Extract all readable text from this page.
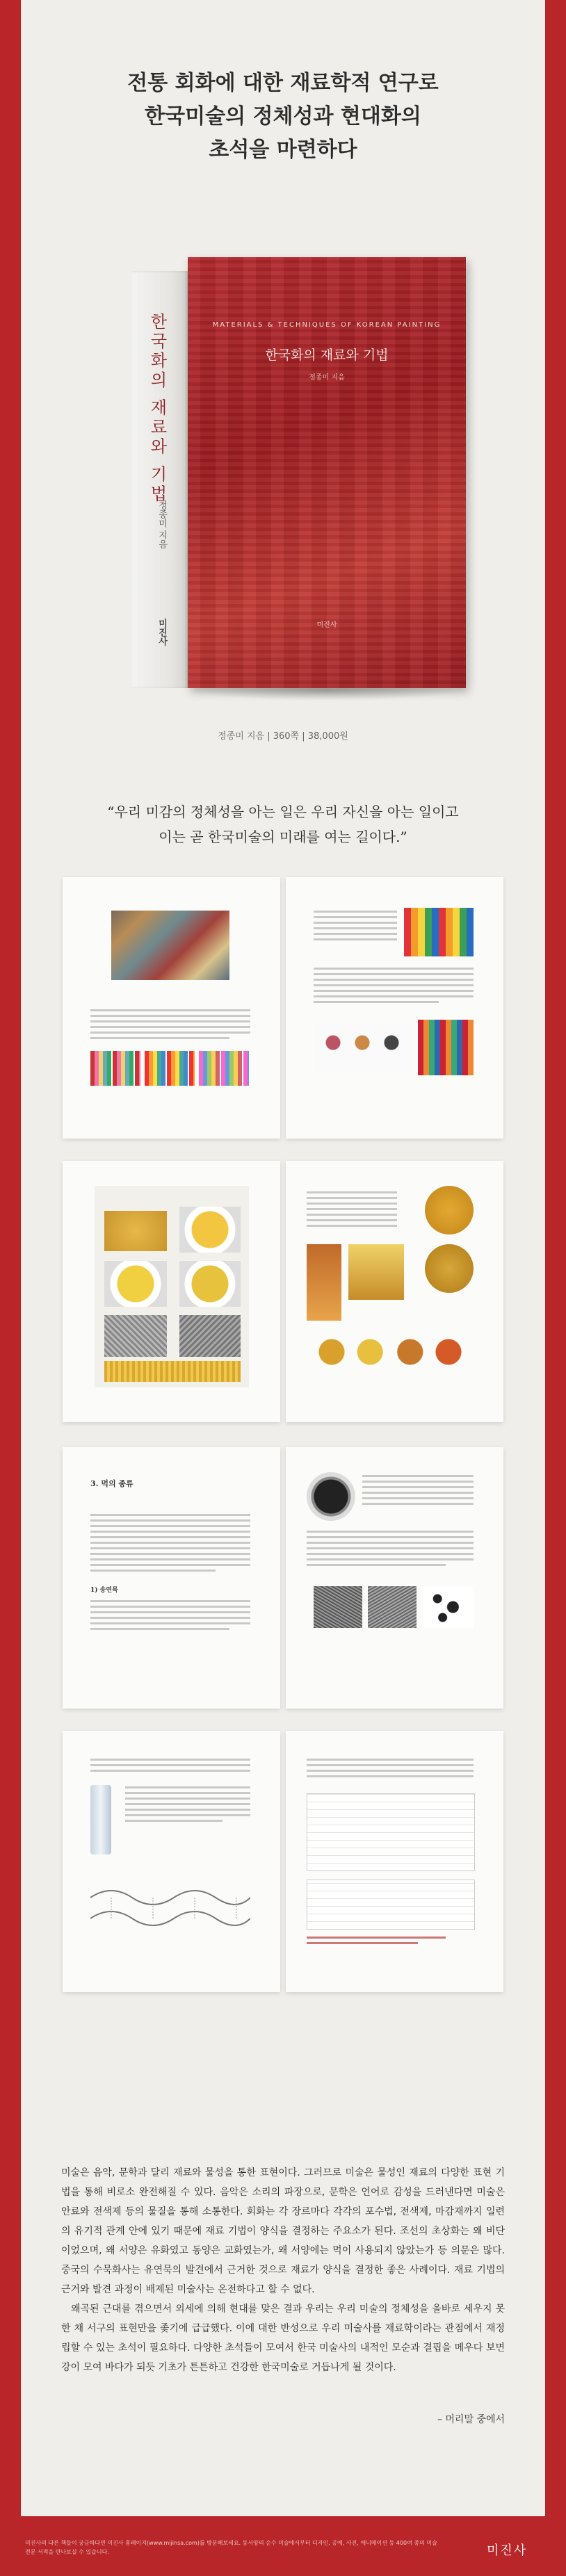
전통 회화에 대한 재료학적 연구로
한국미술의 정체성과 현대화의
초석을 마련하다
한국화의 재료와 기법
정종미 지음
미진사
MATERIALS & TECHNIQUES OF KOREAN PAINTING
한국화의 재료와 기법
정종미 지음
미진사
정종미 지음 | 360쪽 | 38,000원
“우리 미감의 정체성을 아는 일은 우리 자신을 아는 일이고
이는 곧 한국미술의 미래를 여는 길이다.”
3. 먹의 종류
1) 송연묵

미술은 음악, 문학과 달리 재료와 물성을 통한 표현이다. 그러므로 미술은 물성인 재료의 다양한 표현 기법을 통해 비로소 완전해질 수 있다. 음악은 소리의 파장으로, 문학은 언어로 감성을 드러낸다면 미술은 안료와 전색제 등의 물질을 통해 소통한다. 회화는 각 장르마다 각각의 포수법, 전색제, 마감재까지 일련의 유기적 관계 안에 있기 때문에 재료 기법이 양식을 결정하는 주요소가 된다. 조선의 초상화는 왜 비단이었으며, 왜 서양은 유화였고 동양은 교화였는가, 왜 서양에는 먹이 사용되지 않았는가 등 의문은 많다. 중국의 수묵화사는 유연묵의 발견에서 근거한 것으로 재료가 양식을 결정한 좋은 사례이다. 재료 기법의 근거와 발견 과정이 배제된 미술사는 온전하다고 할 수 없다.

왜곡된 근대를 겪으면서 외세에 의해 현대를 맞은 결과 우리는 우리 미술의 정체성을 올바로 세우지 못한 채 서구의 표현만을 좇기에 급급했다. 이에 대한 반성으로 우리 미술사를 재료학이라는 관점에서 재정립할 수 있는 초석이 필요하다. 다양한 초석들이 모여서 한국 미술사의 내적인 모순과 결핍을 메우다 보면 강이 모여 바다가 되듯 기초가 튼튼하고 건강한 한국미술로 거듭나게 될 것이다.

– 머리말 중에서
미진사의 다른 책들이 궁금하다면 미진사 홈페이지(www.mijinsa.com)를 방문해보세요. 동서양의 순수 미술에서부터 디자인, 공예, 사진, 애니메이션 등 400여 종의 미술 전문 서적을 만나보실 수 있습니다.	미진사
